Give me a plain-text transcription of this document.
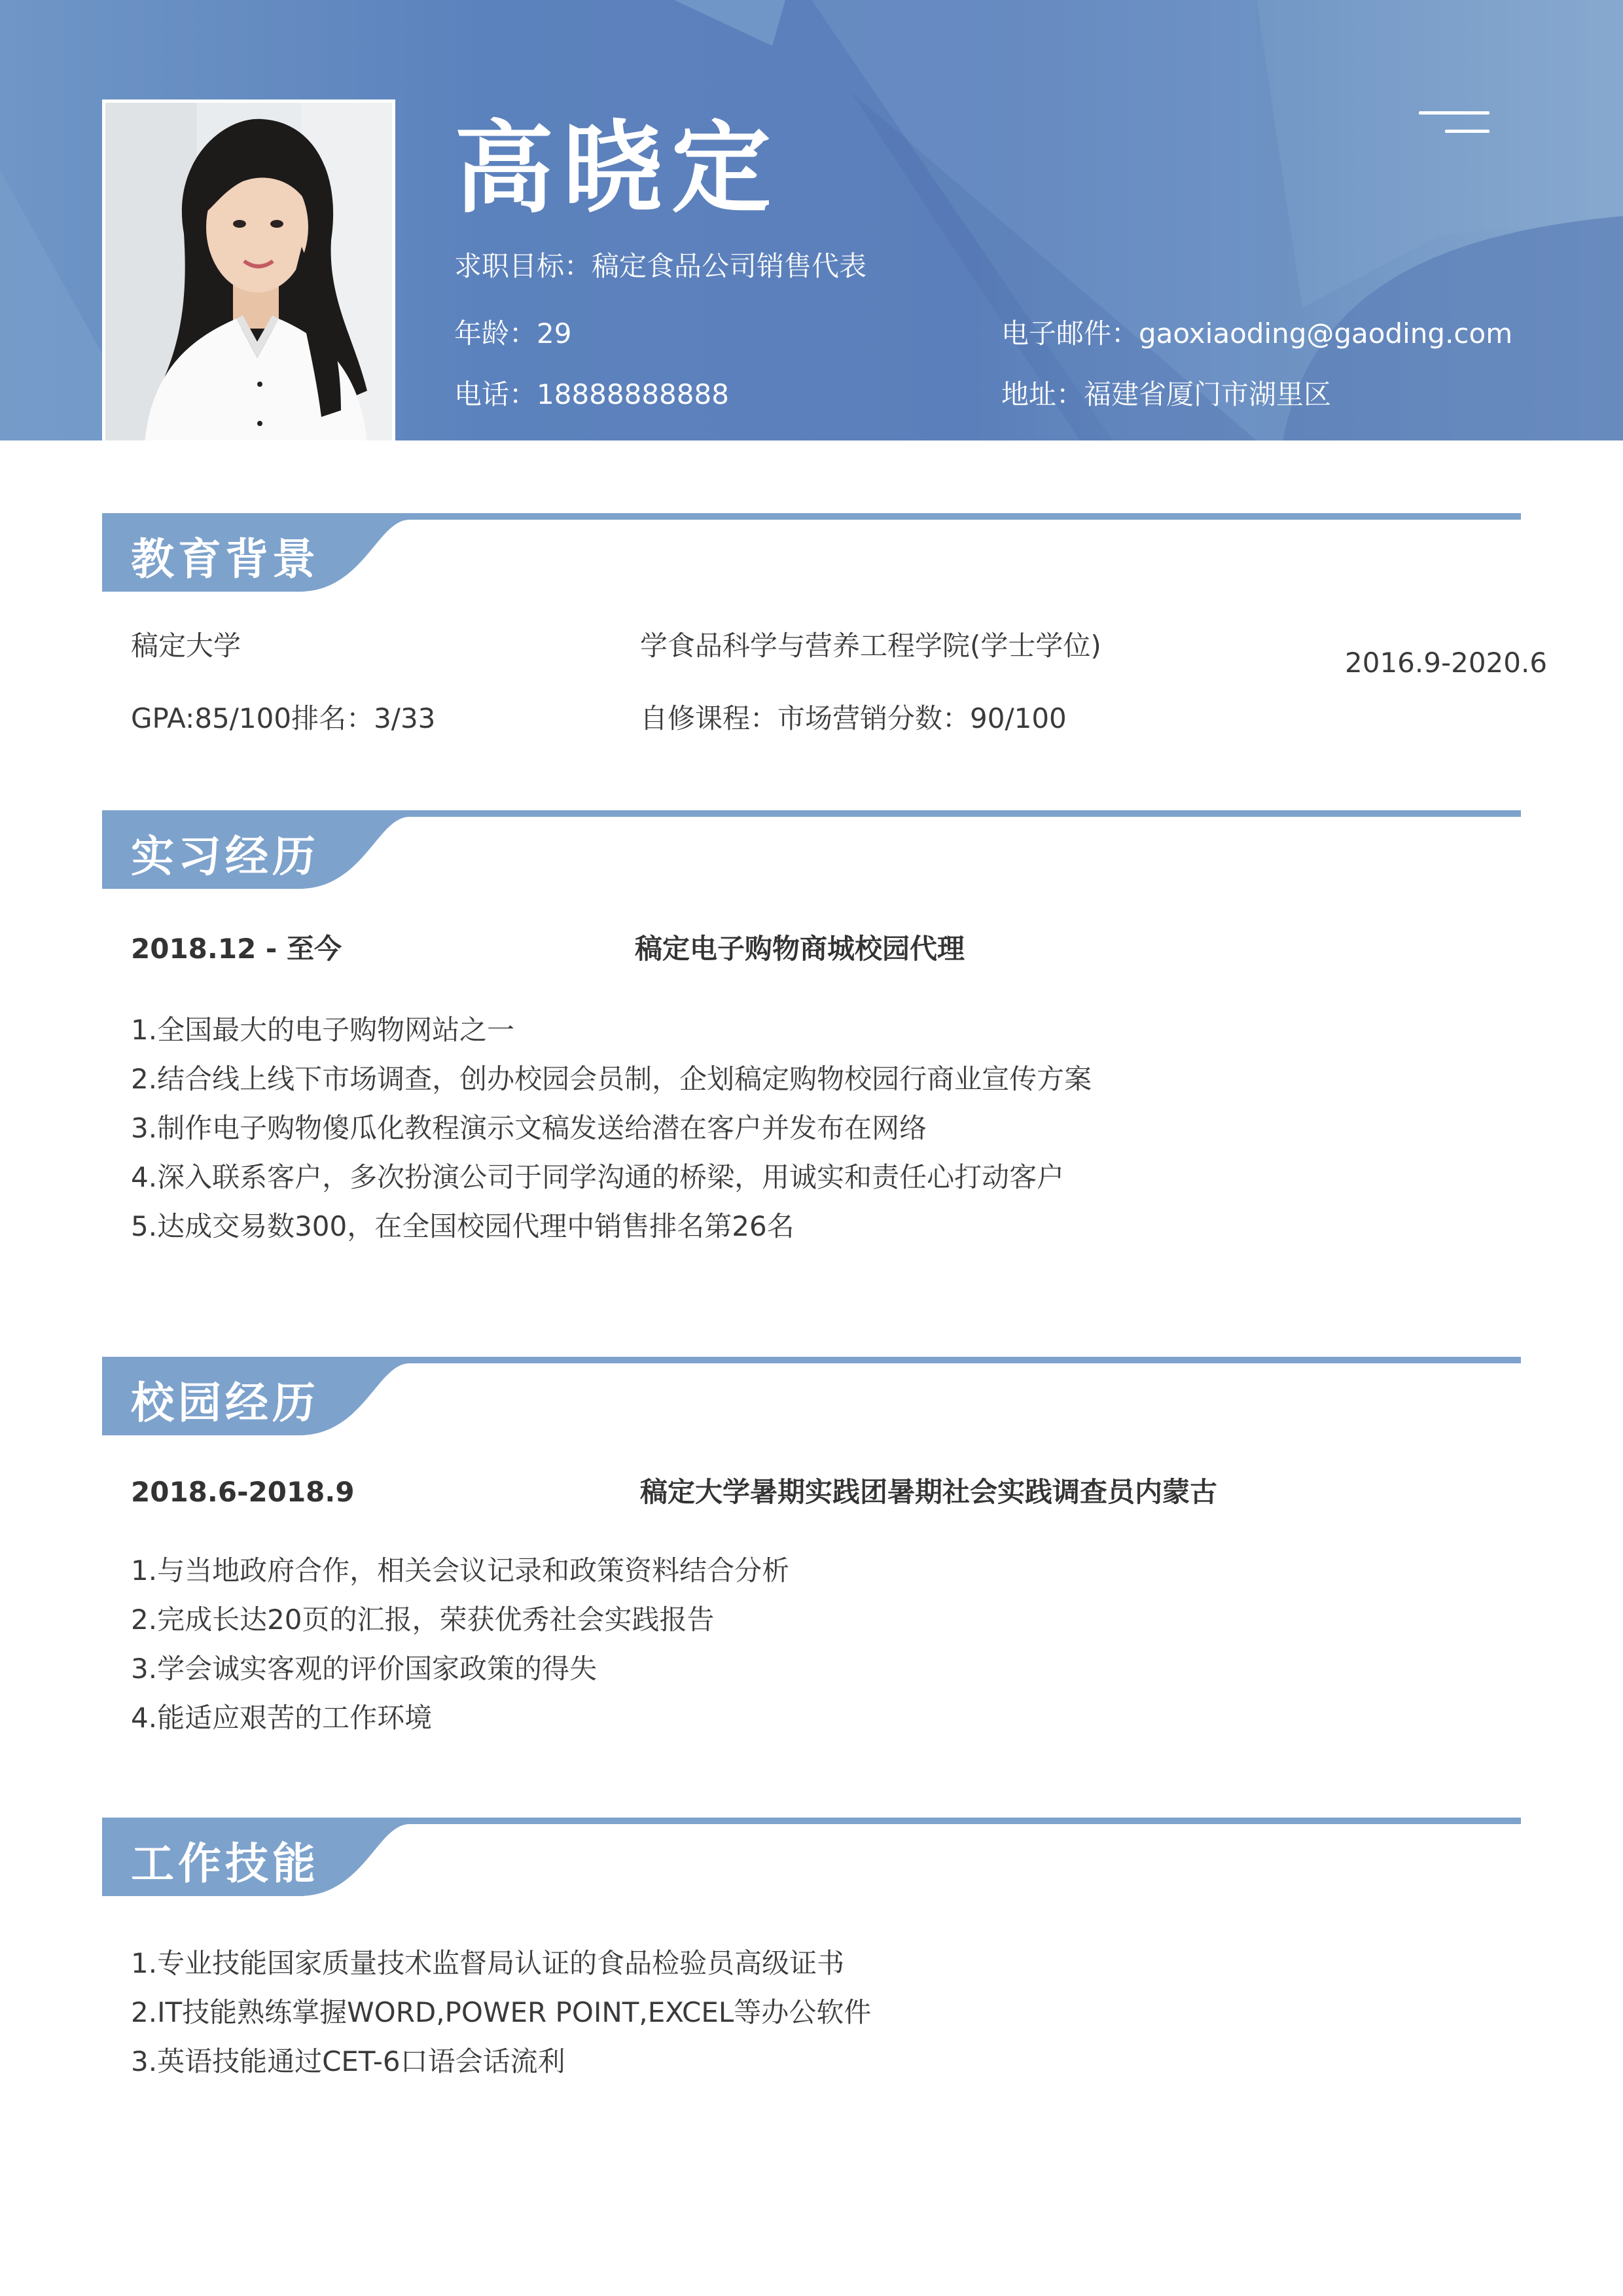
高晓定
求职目标：稿定食品公司销售代表
年龄：29
电话：18888888888
电子邮件：gaoxiaoding@gaoding.com
地址：福建省厦门市湖里区
教育背景
稿定大学	学食品科学与营养工程学院(学士学位)
2016.9-2020.6
GPA:85/100排名：3/33	自修课程：市场营销分数：90/100
实习经历
2018.12 - 至今	稿定电子购物商城校园代理
1.全国最大的电子购物网站之一
2.结合线上线下市场调查，创办校园会员制，企划稿定购物校园行商业宣传方案
3.制作电子购物傻瓜化教程演示文稿发送给潜在客户并发布在网络
4.深入联系客户，多次扮演公司于同学沟通的桥梁，用诚实和责任心打动客户
5.达成交易数300，在全国校园代理中销售排名第26名
校园经历
2018.6-2018.9	稿定大学暑期实践团暑期社会实践调查员内蒙古
1.与当地政府合作，相关会议记录和政策资料结合分析
2.完成长达20页的汇报，荣获优秀社会实践报告
3.学会诚实客观的评价国家政策的得失
4.能适应艰苦的工作环境
工作技能
1.专业技能国家质量技术监督局认证的食品检验员高级证书
2.IT技能熟练掌握WORD,POWER POINT,EXCEL等办公软件
3.英语技能通过CET-6口语会话流利
